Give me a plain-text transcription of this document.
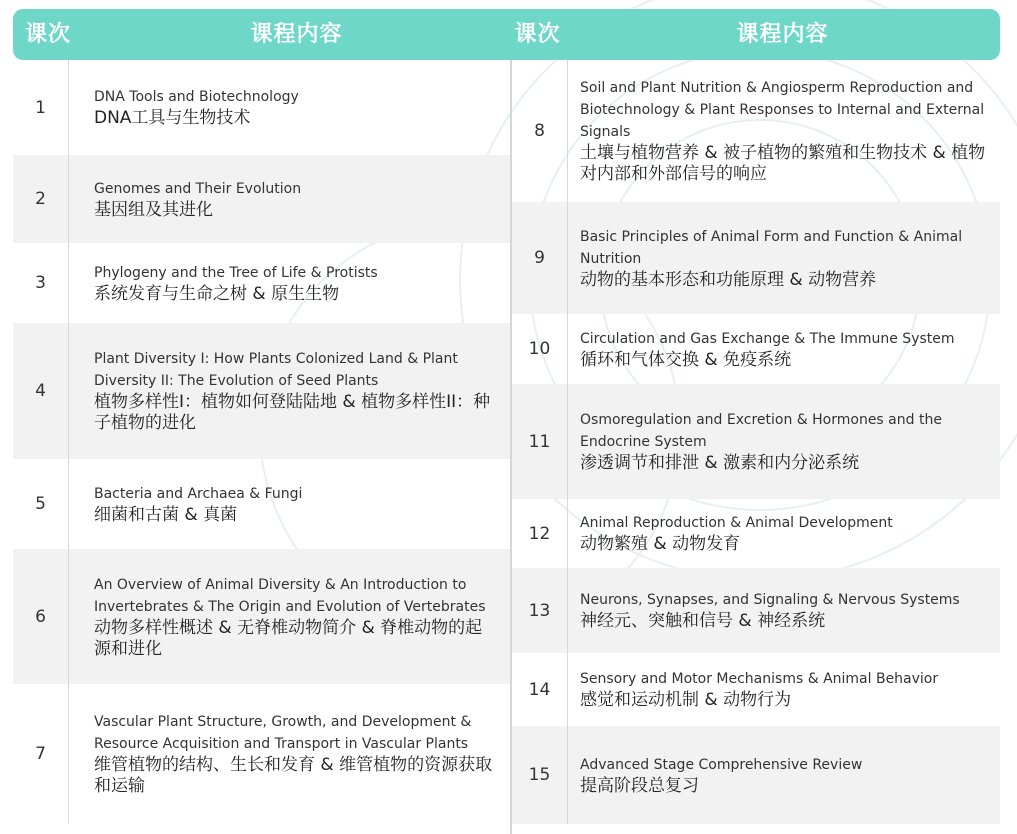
课次	课程内容	课次	课程内容
1
DNA Tools and Biotechnology
DNA工具与生物技术
2
Genomes and Their Evolution
基因组及其进化
3
Phylogeny and the Tree of Life & Protists
系统发育与生命之树 & 原生生物
4
Plant Diversity I: How Plants Colonized Land & Plant Diversity II: The Evolution of Seed Plants
植物多样性I：植物如何登陆陆地 & 植物多样性II：种子植物的进化
5
Bacteria and Archaea & Fungi
细菌和古菌 & 真菌
6
An Overview of Animal Diversity & An Introduction to Invertebrates & The Origin and Evolution of Vertebrates
动物多样性概述 & 无脊椎动物简介 & 脊椎动物的起源和进化
7
Vascular Plant Structure, Growth, and Development & Resource Acquisition and Transport in Vascular Plants
维管植物的结构、生长和发育 & 维管植物的资源获取和运输
8
Soil and Plant Nutrition & Angiosperm Reproduction and Biotechnology & Plant Responses to Internal and External Signals
土壤与植物营养 & 被子植物的繁殖和生物技术 & 植物对内部和外部信号的响应
9
Basic Principles of Animal Form and Function & Animal Nutrition
动物的基本形态和功能原理 & 动物营养
10
Circulation and Gas Exchange & The Immune System
循环和气体交换 & 免疫系统
11
Osmoregulation and Excretion & Hormones and the Endocrine System
渗透调节和排泄 & 激素和内分泌系统
12
Animal Reproduction & Animal Development
动物繁殖 & 动物发育
13
Neurons, Synapses, and Signaling & Nervous Systems
神经元、突触和信号 & 神经系统
14
Sensory and Motor Mechanisms & Animal Behavior
感觉和运动机制 & 动物行为
15
Advanced Stage Comprehensive Review
提高阶段总复习
